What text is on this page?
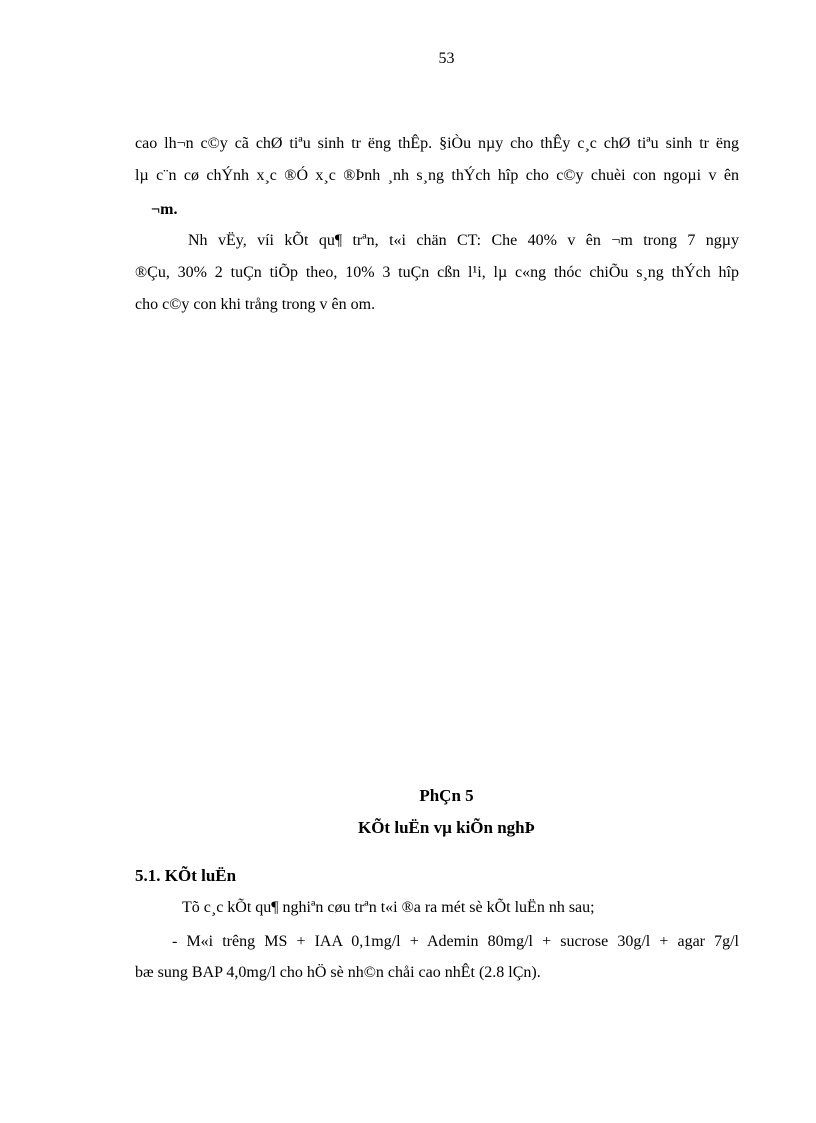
53
cao lh¬n c©y cã chØ tiªu sinh tr ëng thÊp. §iÒu nµy cho thÊy c¸c chØ tiªu sinh tr ëng
lµ c¨n cø chÝnh x¸c ®Ó x¸c ®Þnh ¸nh s¸ng thÝch hîp cho c©y chuèi con ngoµi v ên
¬m.
Nh vËy, víi kÕt qu¶ trªn, t«i chän CT: Che 40% v ên ¬m trong 7 ngµy
®Çu, 30% 2 tuÇn tiÕp theo, 10% 3 tuÇn cßn l¹i, lµ c«ng thóc chiÕu s¸ng thÝch hîp
cho c©y con khi trång trong v ên om.
PhÇn 5
KÕt luËn vµ kiÕn nghÞ
5.1. KÕt luËn
Tõ c¸c kÕt qu¶ nghiªn cøu trªn t«i ®a ra mét sè kÕt luËn nh sau;
- M«i trêng MS + IAA 0,1mg/l + Ademin 80mg/l + sucrose 30g/l + agar 7g/l
bæ sung BAP 4,0mg/l cho hÖ sè nh©n chåi cao nhÊt (2.8 lÇn).
